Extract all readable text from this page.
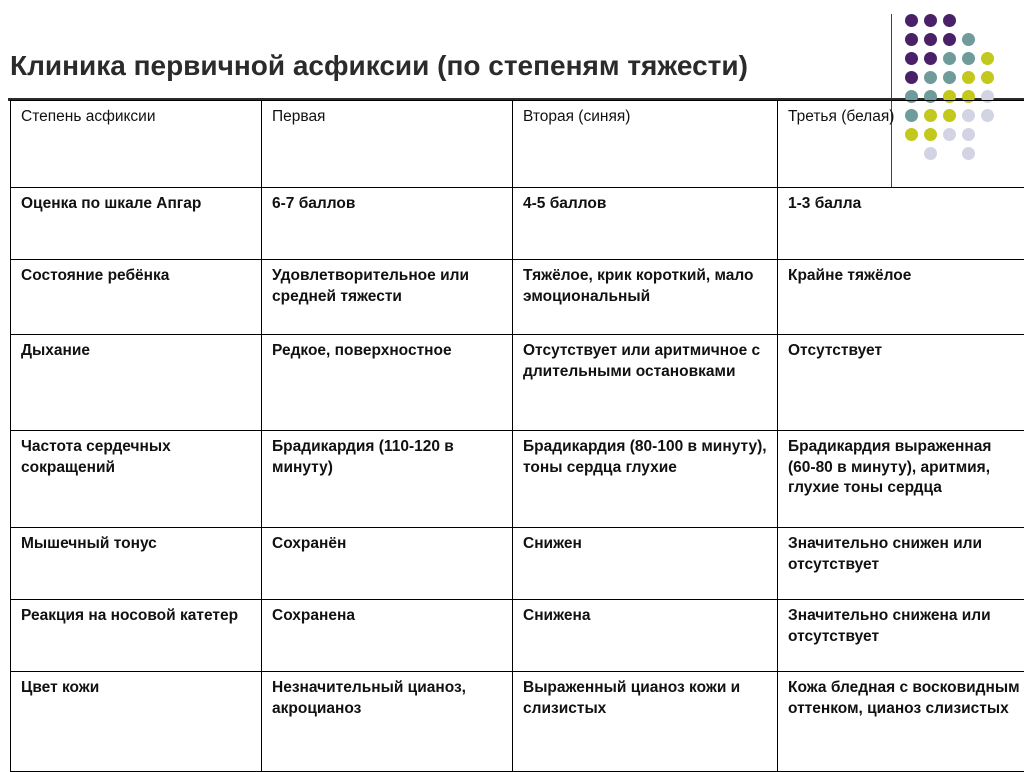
Клиника первичной асфиксии (по степеням тяжести)
Степень асфиксии	Первая	Вторая (синяя)	Третья (белая)
Оценка по шкале Апгар	6-7 баллов	4-5 баллов	1-3 балла
Состояние ребёнка	Удовлетворительное или средней тяжести	Тяжёлое, крик короткий, мало эмоциональный	Крайне тяжёлое
Дыхание	Редкое, поверхностное	Отсутствует или аритмичное с длительными остановками	Отсутствует
Частота сердечных сокращений	Брадикардия (110-120 в минуту)	Брадикардия (80-100 в минуту), тоны сердца глухие	Брадикардия выраженная (60-80 в минуту), аритмия, глухие тоны сердца
Мышечный тонус	Сохранён	Снижен	Значительно снижен или отсутствует
Реакция на носовой катетер	Сохранена	Снижена	Значительно снижена или отсутствует
Цвет кожи	Незначительный цианоз, акроцианоз	Выраженный цианоз кожи и слизистых	Кожа бледная с восковидным оттенком, цианоз слизистых
